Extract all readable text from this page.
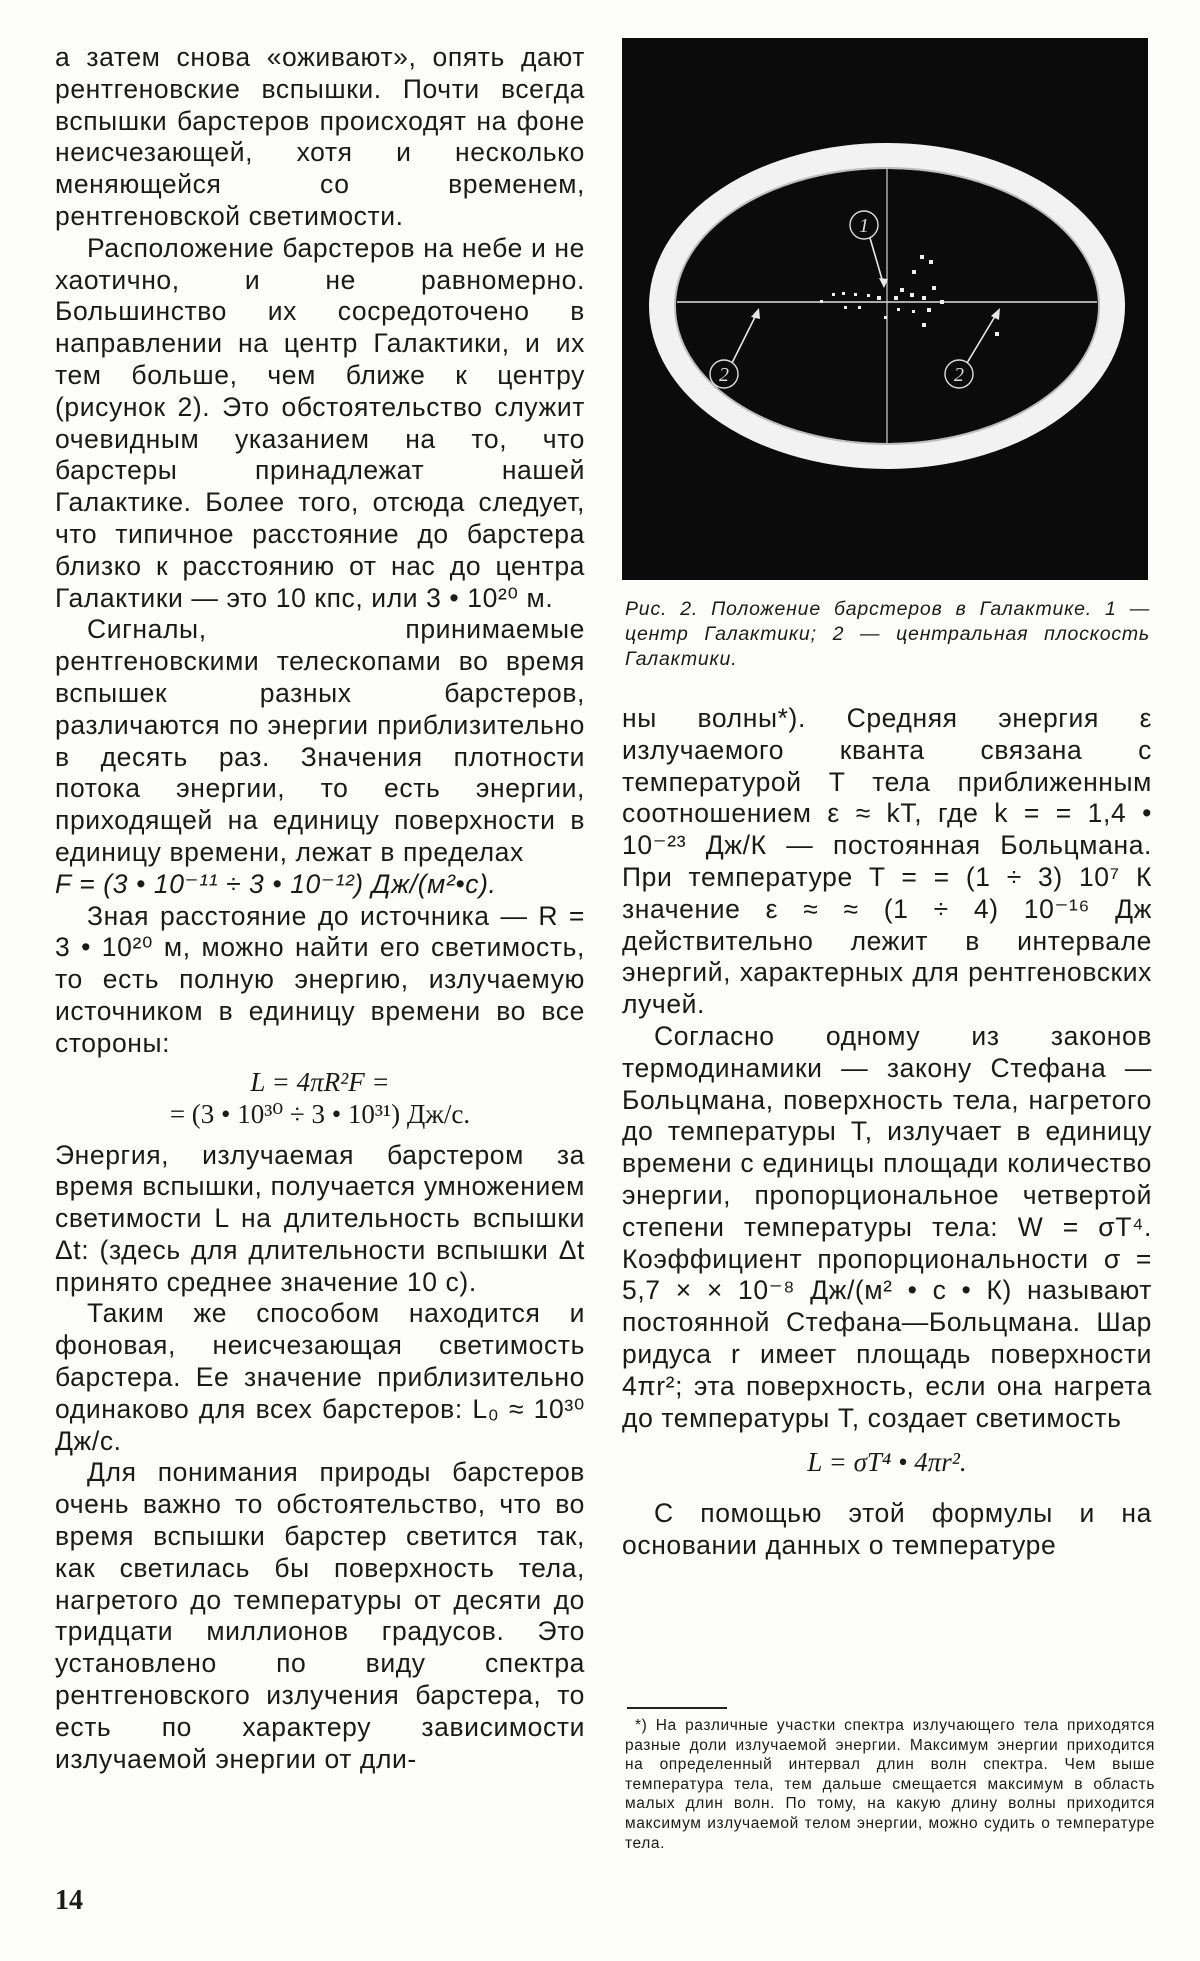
а затем снова «оживают», опять дают рентгеновские вспышки. Почти всегда вспышки барстеров происходят на фоне неисчезающей, хотя и несколько меняющейся со временем, рентгеновской светимости.

Расположение барстеров на небе и не хаотично, и не равномерно. Большинство их сосредоточено в направлении на центр Галактики, и их тем больше, чем ближе к центру (рисунок 2). Это обстоятельство служит очевидным указанием на то, что барстеры принадлежат нашей Галактике. Более того, отсюда следует, что типичное расстояние до барстера близко к расстоянию от нас до центра Галактики — это 10 кпс, или 3 • 10²⁰ м.

Сигналы, принимаемые рентгеновскими телескопами во время вспышек разных барстеров, различаются по энергии приблизительно в десять раз. Значения плотности потока энергии, то есть энергии, приходящей на единицу поверхности в единицу времени, лежат в пределах

F = (3 • 10⁻¹¹ ÷ 3 • 10⁻¹²) Дж/(м²•с).

Зная расстояние до источника — R = 3 • 10²⁰ м, можно найти его светимость, то есть полную энергию, излучаемую источником в единицу времени во все стороны:

L = 4πR²F =
= (3 • 10³⁰ ÷ 3 • 10³¹) Дж/с.

Энергия, излучаемая барстером за время вспышки, получается умножением светимости L на длительность вспышки Δt: (здесь для длительности вспышки Δt принято среднее значение 10 с).

Таким же способом находится и фоновая, неисчезающая светимость барстера. Ее значение приблизительно одинаково для всех барстеров: L₀ ≈ 10³⁰ Дж/с.

Для понимания природы барстеров очень важно то обстоятельство, что во время вспышки барстер светится так, как светилась бы поверхность тела, нагретого до температуры от десяти до тридцати миллионов градусов. Это установлено по виду спектра рентгеновского излучения барстера, то есть по характеру зависимости излучаемой энергии от дли-

1
2	2
Рис. 2. Положение барстеров в Галактике. 1 — центр Галактики; 2 — центральная плоскость Галактики.

ны волны*). Средняя энергия ε излучаемого кванта связана с температурой T тела приближенным соотношением ε ≈ kT, где k = = 1,4 • 10⁻²³ Дж/К — постоянная Больцмана. При температуре T = = (1 ÷ 3) 10⁷ К значение ε ≈ ≈ (1 ÷ 4) 10⁻¹⁶ Дж действительно лежит в интервале энергий, характерных для рентгеновских лучей.

Согласно одному из законов термодинамики — закону Стефана — Больцмана, поверхность тела, нагретого до температуры T, излучает в единицу времени с единицы площади количество энергии, пропорциональное четвертой степени температуры тела: W = σT⁴. Коэффициент пропорциональности σ = 5,7 × × 10⁻⁸ Дж/(м² • с • К) называют постоянной Стефана—Больцмана. Шар ридуса r имеет площадь поверхности 4πr²; эта поверхность, если она нагрета до температуры T, создает светимость

L = σT⁴ • 4πr².

С помощью этой формулы и на основании данных о температуре

*) На различные участки спектра излучающего тела приходятся разные доли излучаемой энергии. Максимум энергии приходится на определенный интервал длин волн спектра. Чем выше температура тела, тем дальше смещается максимум в область малых длин волн. По тому, на какую длину волны приходится максимум излучаемой телом энергии, можно судить о температуре тела.
14
